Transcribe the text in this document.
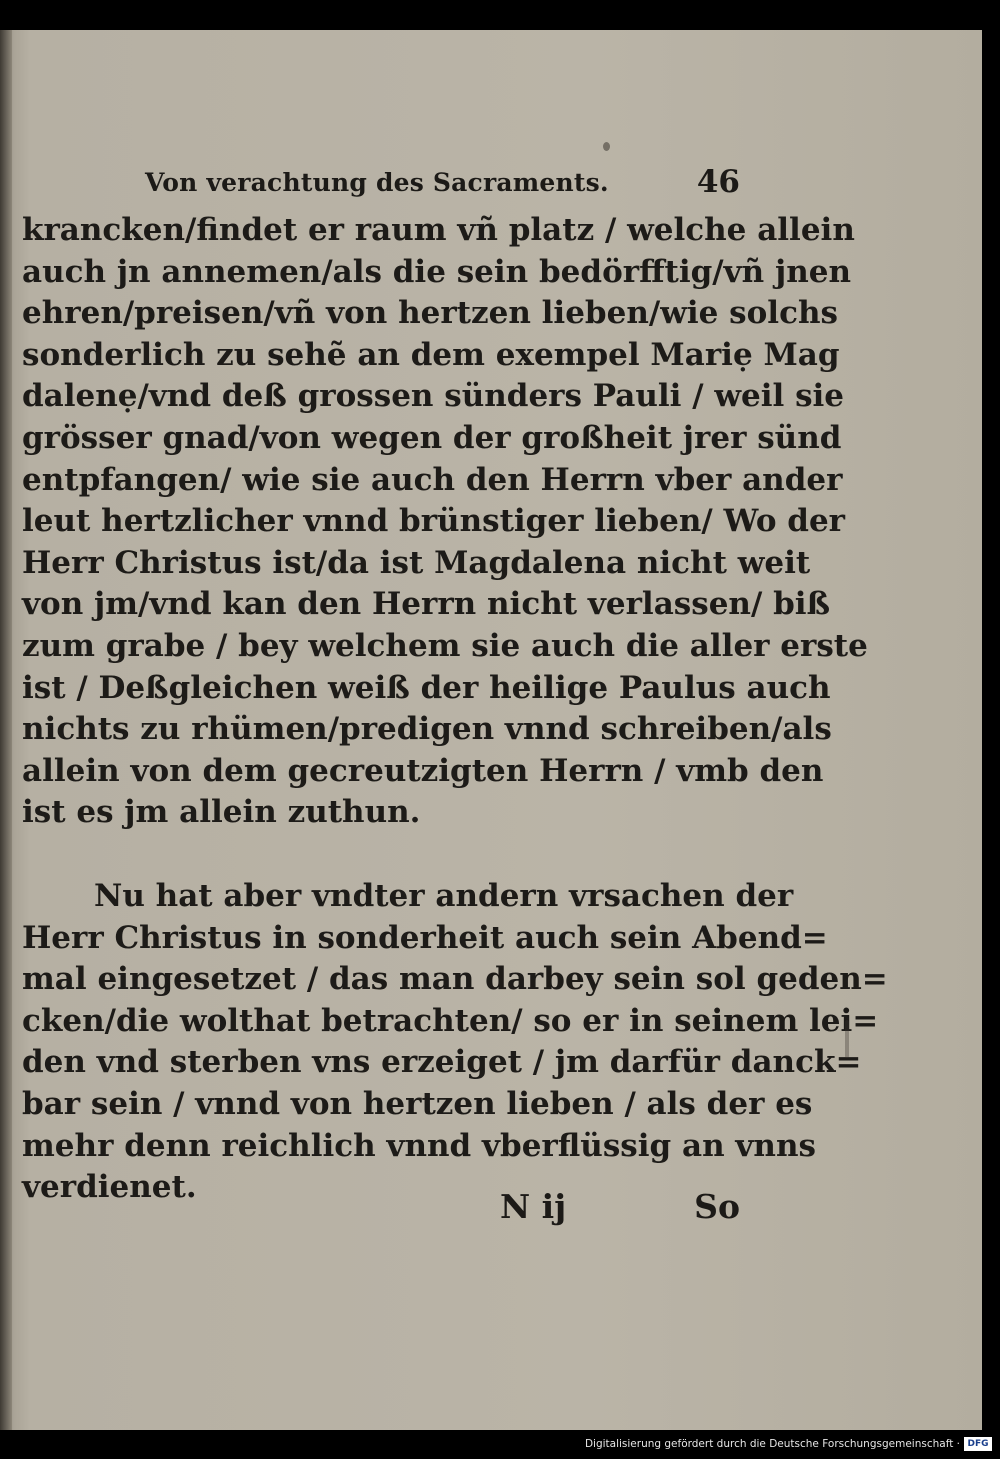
Von verachtung des Sacraments.	46
krancken/findet er raum vñ platz / welche allein
auch jn annemen/als die sein bedörfftig/vñ jnen
ehren/preisen/vñ von hertzen lieben/wie solchs
sonderlich zu sehẽ an dem exempel Mariẹ Mag
dalenẹ/vnd deß grossen sünders Pauli / weil sie
grösser gnad/von wegen der großheit jrer sünd
entpfangen/ wie sie auch den Herrn vber ander
leut hertzlicher vnnd brünstiger lieben/ Wo der
Herr Christus ist/da ist Magdalena nicht weit
von jm/vnd kan den Herrn nicht verlassen/ biß
zum grabe / bey welchem sie auch die aller erste
ist / Deßgleichen weiß der heilige Paulus auch
nichts zu rhümen/predigen vnnd schreiben/als
allein von dem gecreutzigten Herrn / vmb den
ist es jm allein zuthun.
Nu hat aber vndter andern vrsachen der
Herr Christus in sonderheit auch sein Abend=
mal eingesetzet / das man darbey sein sol geden=
cken/die wolthat betrachten/ so er in seinem lei=
den vnd sterben vns erzeiget / jm darfür danck=
bar sein / vnnd von hertzen lieben / als der es
mehr denn reichlich vnnd vberflüssig an vnns
verdienet.	N ij	So
Digitalisierung gefördert durch die Deutsche Forschungsgemeinschaft · DFG
